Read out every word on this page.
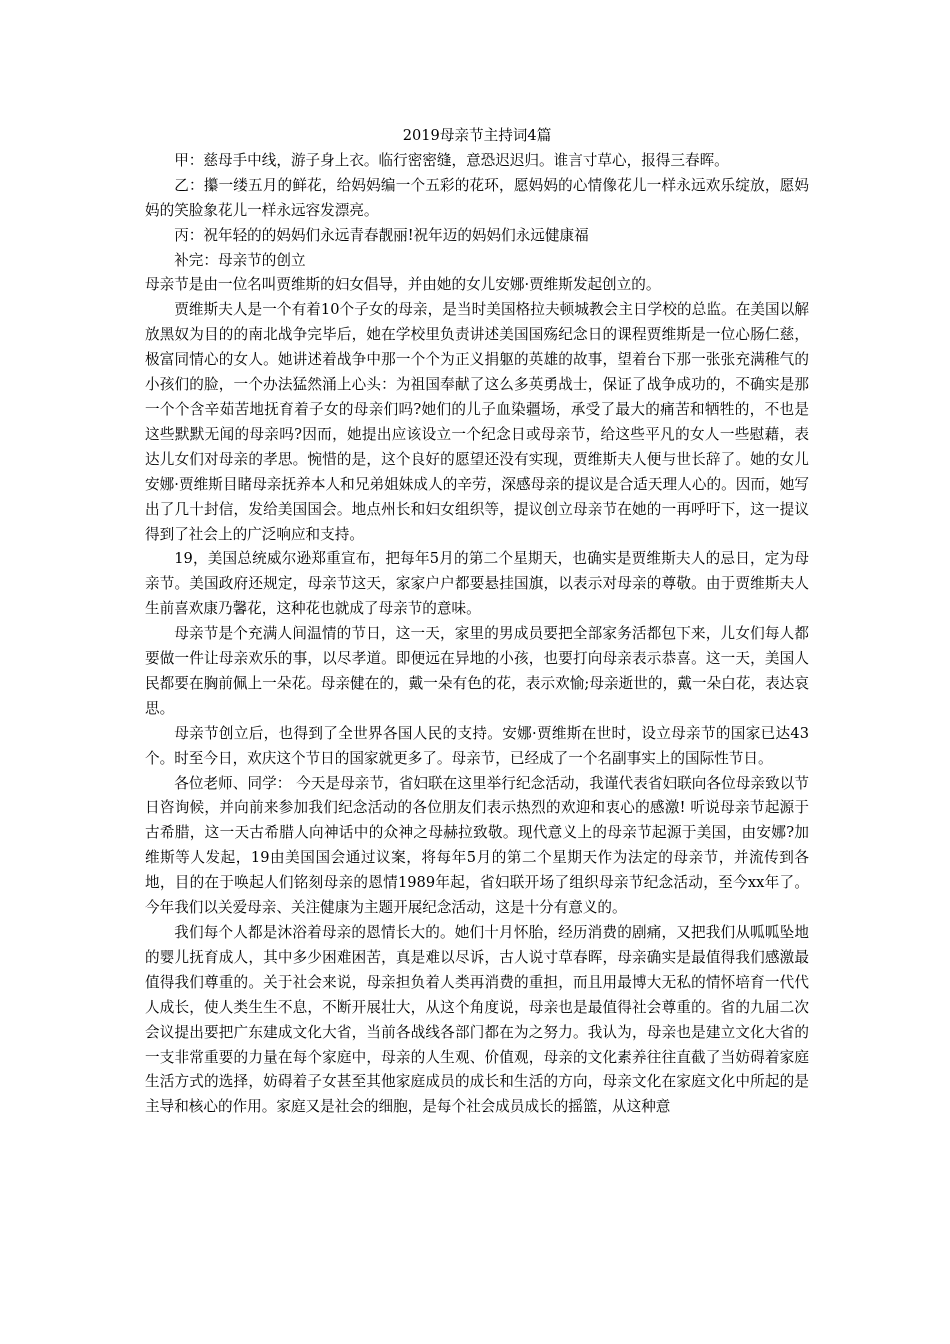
2019母亲节主持词4篇

甲：慈母手中线，游子身上衣。临行密密缝，意恐迟迟归。谁言寸草心，报得三春晖。

乙：攥一缕五月的鲜花，给妈妈编一个五彩的花环，愿妈妈的心情像花儿一样永远欢乐绽放，愿妈妈的笑脸象花儿一样永远容发漂亮。

丙：祝年轻的的妈妈们永远青春靓丽!祝年迈的妈妈们永远健康福

补完：母亲节的创立

母亲节是由一位名叫贾维斯的妇女倡导，并由她的女儿安娜·贾维斯发起创立的。

贾维斯夫人是一个有着10个子女的母亲，是当时美国格拉夫顿城教会主日学校的总监。在美国以解放黑奴为目的的南北战争完毕后，她在学校里负责讲述美国国殇纪念日的课程贾维斯是一位心肠仁慈，极富同情心的女人。她讲述着战争中那一个个为正义捐躯的英雄的故事，望着台下那一张张充满稚气的小孩们的脸，一个办法猛然涌上心头：为祖国奉献了这么多英勇战士，保证了战争成功的，不确实是那一个个含辛茹苦地抚育着子女的母亲们吗?她们的儿子血染疆场，承受了最大的痛苦和牺牲的，不也是这些默默无闻的母亲吗?因而，她提出应该设立一个纪念日或母亲节，给这些平凡的女人一些慰藉，表达儿女们对母亲的孝思。惋惜的是，这个良好的愿望还没有实现，贾维斯夫人便与世长辞了。她的女儿安娜·贾维斯目睹母亲抚养本人和兄弟姐妹成人的辛劳，深感母亲的提议是合适天理人心的。因而，她写出了几十封信，发给美国国会。地点州长和妇女组织等，提议创立母亲节在她的一再呼吁下，这一提议得到了社会上的广泛响应和支持。

19，美国总统威尔逊郑重宣布，把每年5月的第二个星期天，也确实是贾维斯夫人的忌日，定为母亲节。美国政府还规定，母亲节这天，家家户户都要悬挂国旗，以表示对母亲的尊敬。由于贾维斯夫人生前喜欢康乃馨花，这种花也就成了母亲节的意味。

母亲节是个充满人间温情的节日，这一天，家里的男成员要把全部家务活都包下来，儿女们每人都要做一件让母亲欢乐的事，以尽孝道。即便远在异地的小孩，也要打向母亲表示恭喜。这一天，美国人民都要在胸前佩上一朵花。母亲健在的，戴一朵有色的花，表示欢愉;母亲逝世的，戴一朵白花，表达哀思。

母亲节创立后，也得到了全世界各国人民的支持。安娜·贾维斯在世时，设立母亲节的国家已达43个。时至今日，欢庆这个节日的国家就更多了。母亲节，已经成了一个名副事实上的国际性节日。

各位老师、同学： 今天是母亲节，省妇联在这里举行纪念活动，我谨代表省妇联向各位母亲致以节日咨询候，并向前来参加我们纪念活动的各位朋友们表示热烈的欢迎和衷心的感激! 听说母亲节起源于古希腊，这一天古希腊人向神话中的众神之母赫拉致敬。现代意义上的母亲节起源于美国，由安娜?加维斯等人发起，19由美国国会通过议案，将每年5月的第二个星期天作为法定的母亲节，并流传到各地，目的在于唤起人们铭刻母亲的恩情1989年起，省妇联开场了组织母亲节纪念活动，至今xx年了。今年我们以关爱母亲、关注健康为主题开展纪念活动，这是十分有意义的。

我们每个人都是沐浴着母亲的恩情长大的。她们十月怀胎，经历消费的剧痛，又把我们从呱呱坠地的婴儿抚育成人，其中多少困难困苦，真是难以尽诉，古人说寸草春晖，母亲确实是最值得我们感激最值得我们尊重的。关于社会来说，母亲担负着人类再消费的重担，而且用最博大无私的情怀培育一代代人成长，使人类生生不息，不断开展壮大，从这个角度说，母亲也是最值得社会尊重的。省的九届二次会议提出要把广东建成文化大省，当前各战线各部门都在为之努力。我认为，母亲也是建立文化大省的一支非常重要的力量在每个家庭中，母亲的人生观、价值观，母亲的文化素养往往直截了当妨碍着家庭生活方式的选择，妨碍着子女甚至其他家庭成员的成长和生活的方向，母亲文化在家庭文化中所起的是主导和核心的作用。家庭又是社会的细胞，是每个社会成员成长的摇篮，从这种意
